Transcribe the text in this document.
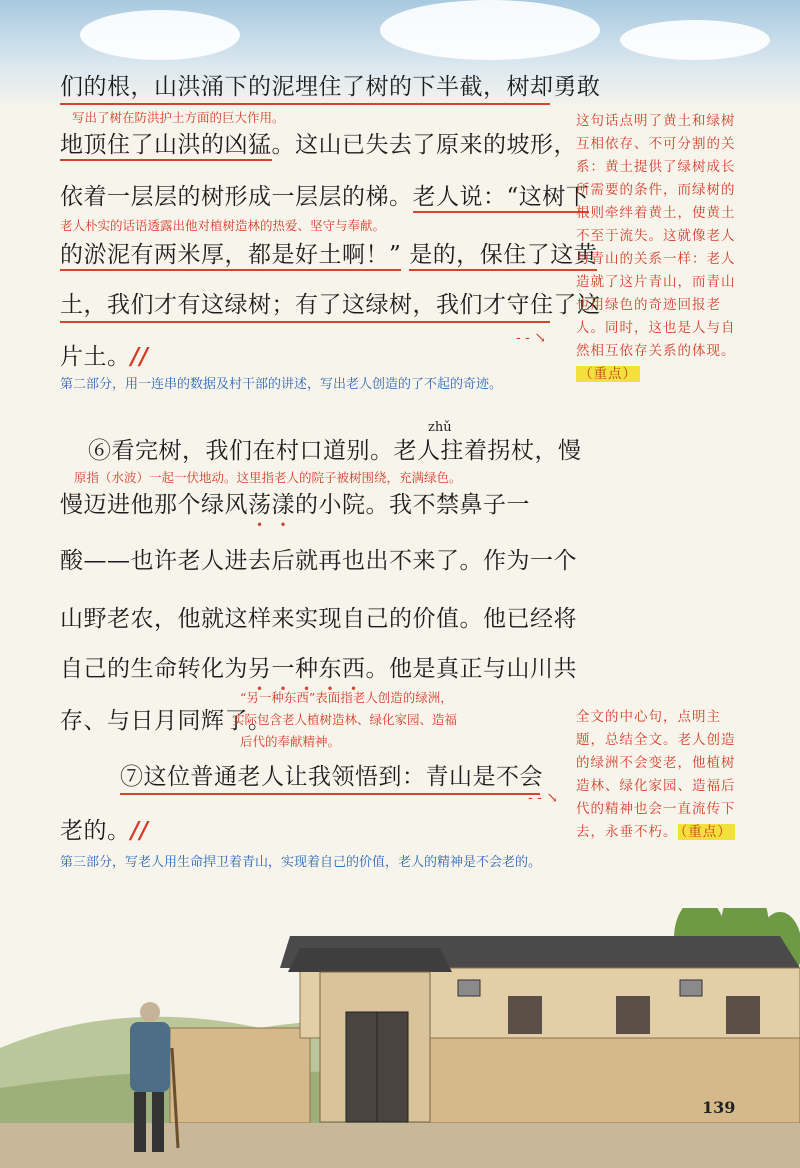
们的根，山洪涌下的泥埋住了树的下半截，树却勇敢
写出了树在防洪护土方面的巨大作用。
地顶住了山洪的凶猛。这山已失去了原来的坡形，
依着一层层的树形成一层层的梯。老人说：“这树下
老人朴实的话语透露出他对植树造林的热爱、坚守与奉献。
的淤泥有两米厚，都是好土啊！” 是的，保住了这黄
土，我们才有这绿树；有了这绿树，我们才守住了这
片土。//
第二部分，用一连串的数据及村干部的讲述，写出老人创造的了不起的奇迹。
zhǔ
⑥看完树，我们在村口道别。老人拄着拐杖，慢
原指（水波）一起一伏地动。这里指老人的院子被树围绕，充满绿色。
慢迈进他那个绿风荡漾的小院。我不禁鼻子一
酸——也许老人进去后就再也出不来了。作为一个
山野老农，他就这样来实现自己的价值。他已经将
自己的生命转化为另一种东西。他是真正与山川共
“另一种东西”表面指老人创造的绿洲，
存、与日月同辉了。
实际包含老人植树造林、绿化家园、造福
后代的奉献精神。
⑦这位普通老人让我领悟到：青山是不会
老的。//
第三部分，写老人用生命捍卫着青山，实现着自己的价值，老人的精神是不会老的。
这句话点明了黄土和绿树互相依存、不可分割的关系：黄土提供了绿树成长所需要的条件，而绿树的根则牵绊着黄土，使黄土不至于流失。这就像老人与青山的关系一样：老人造就了这片青山，而青山也用绿色的奇迹回报老人。同时，这也是人与自然相互依存关系的体现。（重点）
- - ↘
全文的中心句，点明主题，总结全文。老人创造的绿洲不会变老，他植树造林、绿化家园、造福后代的精神也会一直流传下去，永垂不朽。 （重点）
- - ↘
139
